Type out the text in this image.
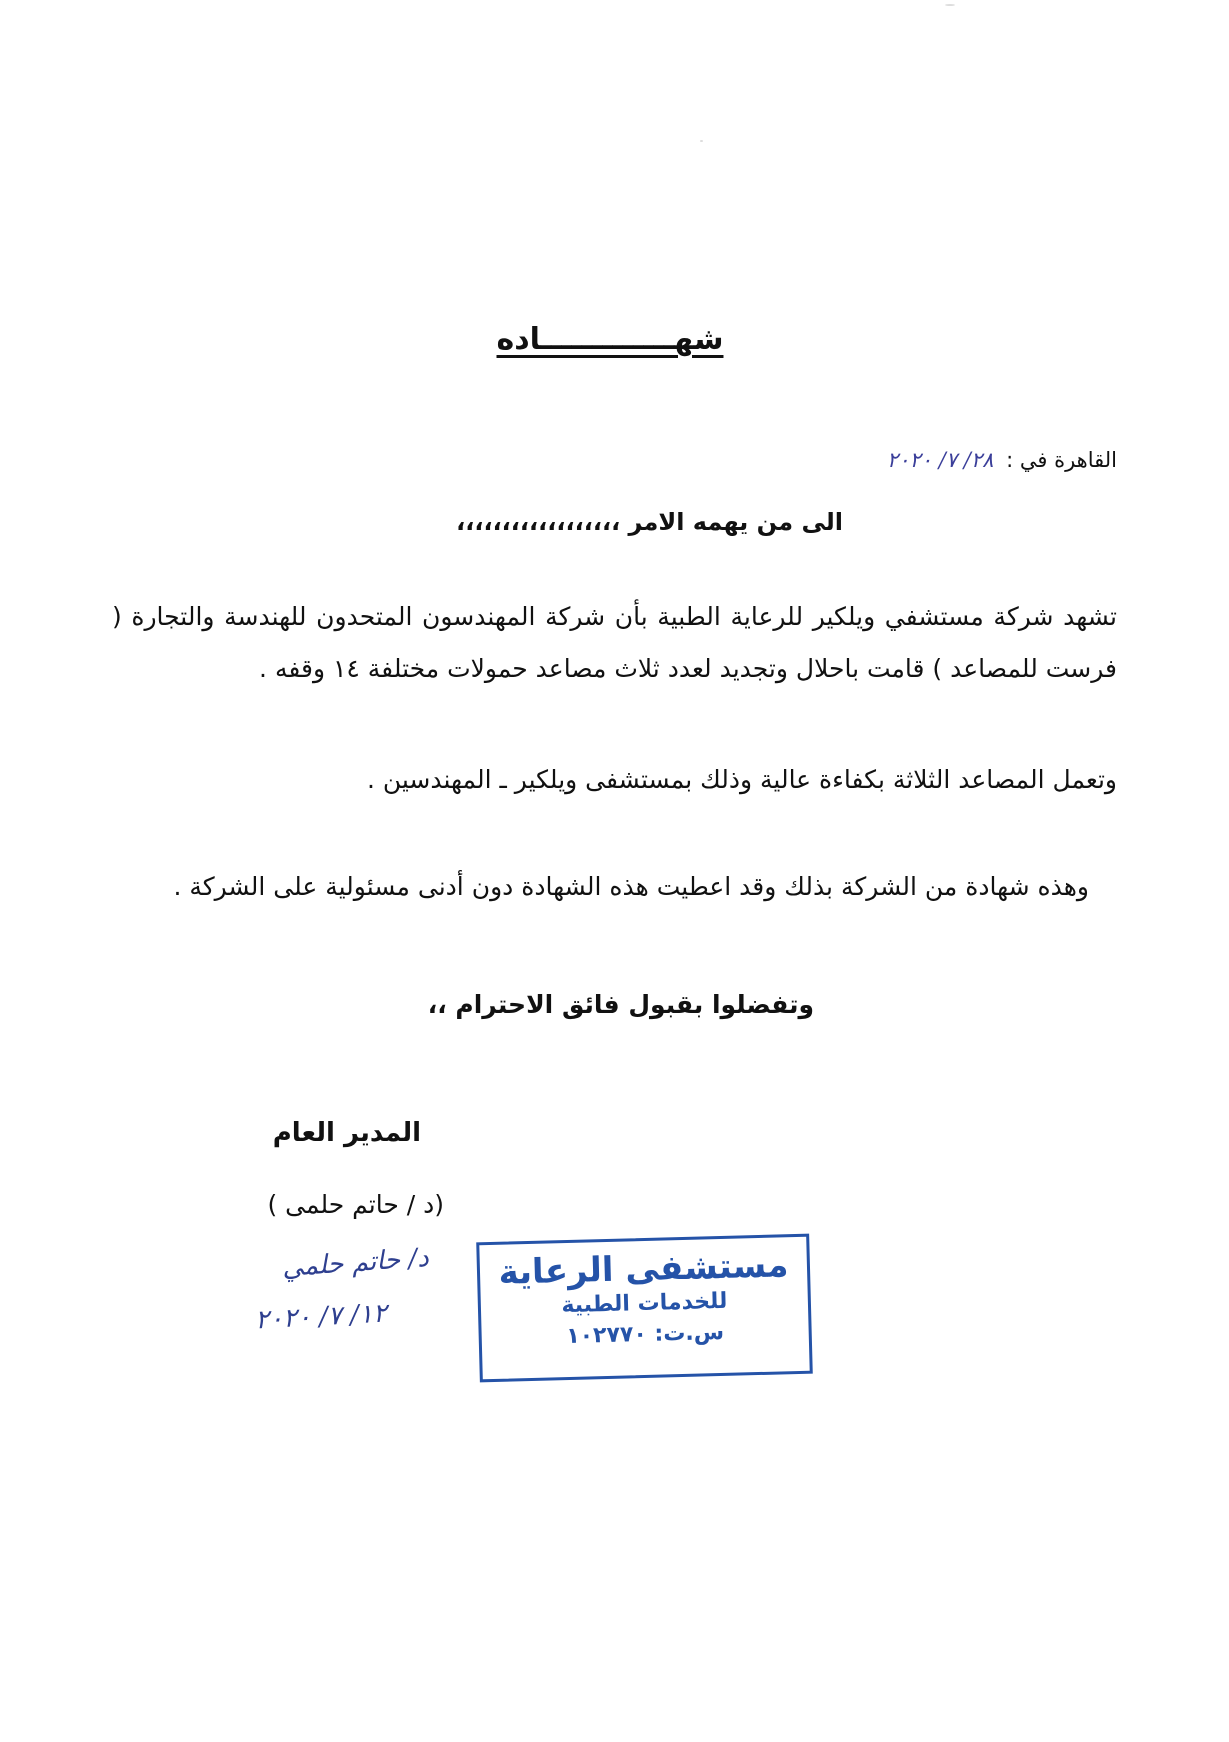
شهـــــــــــــاده
القاهرة في : ٢٨/ ٧/ ٢٠٢٠
الى من يهمه الامر ،،،،،،،،،،،،،،،،،،

تشهد شركة مستشفي ويلكير للرعاية الطبية بأن شركة المهندسون المتحدون للهندسة والتجارة ( فرست للمصاعد ) قامت باحلال وتجديد لعدد ثلاث مصاعد حمولات مختلفة ١٤ وقفه .

وتعمل المصاعد الثلاثة بكفاءة عالية وذلك بمستشفى ويلكير ـ المهندسين .

وهذه شهادة من الشركة بذلك وقد اعطيت هذه الشهادة دون أدنى مسئولية على الشركة .

وتفضلوا بقبول فائق الاحترام ،،
المدير العام
(د / حاتم حلمى )
د/ حاتم حلمي
١٢/ ٧/ ٢٠٢٠
مستشفى الرعاية
للخدمات الطبية
س.ت: ١٠٢٧٧٠
